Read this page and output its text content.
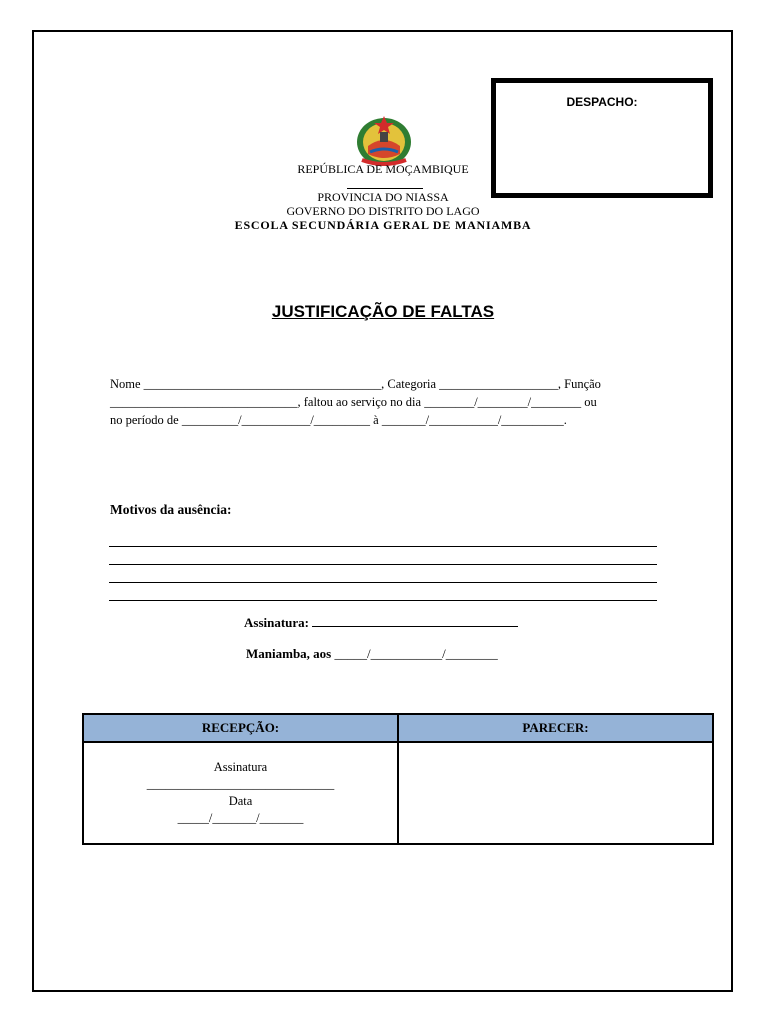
DESPACHO:
REPÚBLICA DE MOÇAMBIQUE
PROVINCIA DO NIASSA
GOVERNO DO DISTRITO DO LAGO
ESCOLA SECUNDÁRIA GERAL DE MANIAMBA
JUSTIFICAÇÃO DE FALTAS
Nome ______________________________________, Categoria ___________________, Função
______________________________, faltou ao serviço no dia ________/________/________ ou
no período de _________/___________/_________ à _______/___________/__________.
Motivos da ausência:
Assinatura:
Maniamba, aos _____/___________/________
RECEPÇÃO:	PARECER:

Assinatura
______________________________
Data
_____/_______/_______	
